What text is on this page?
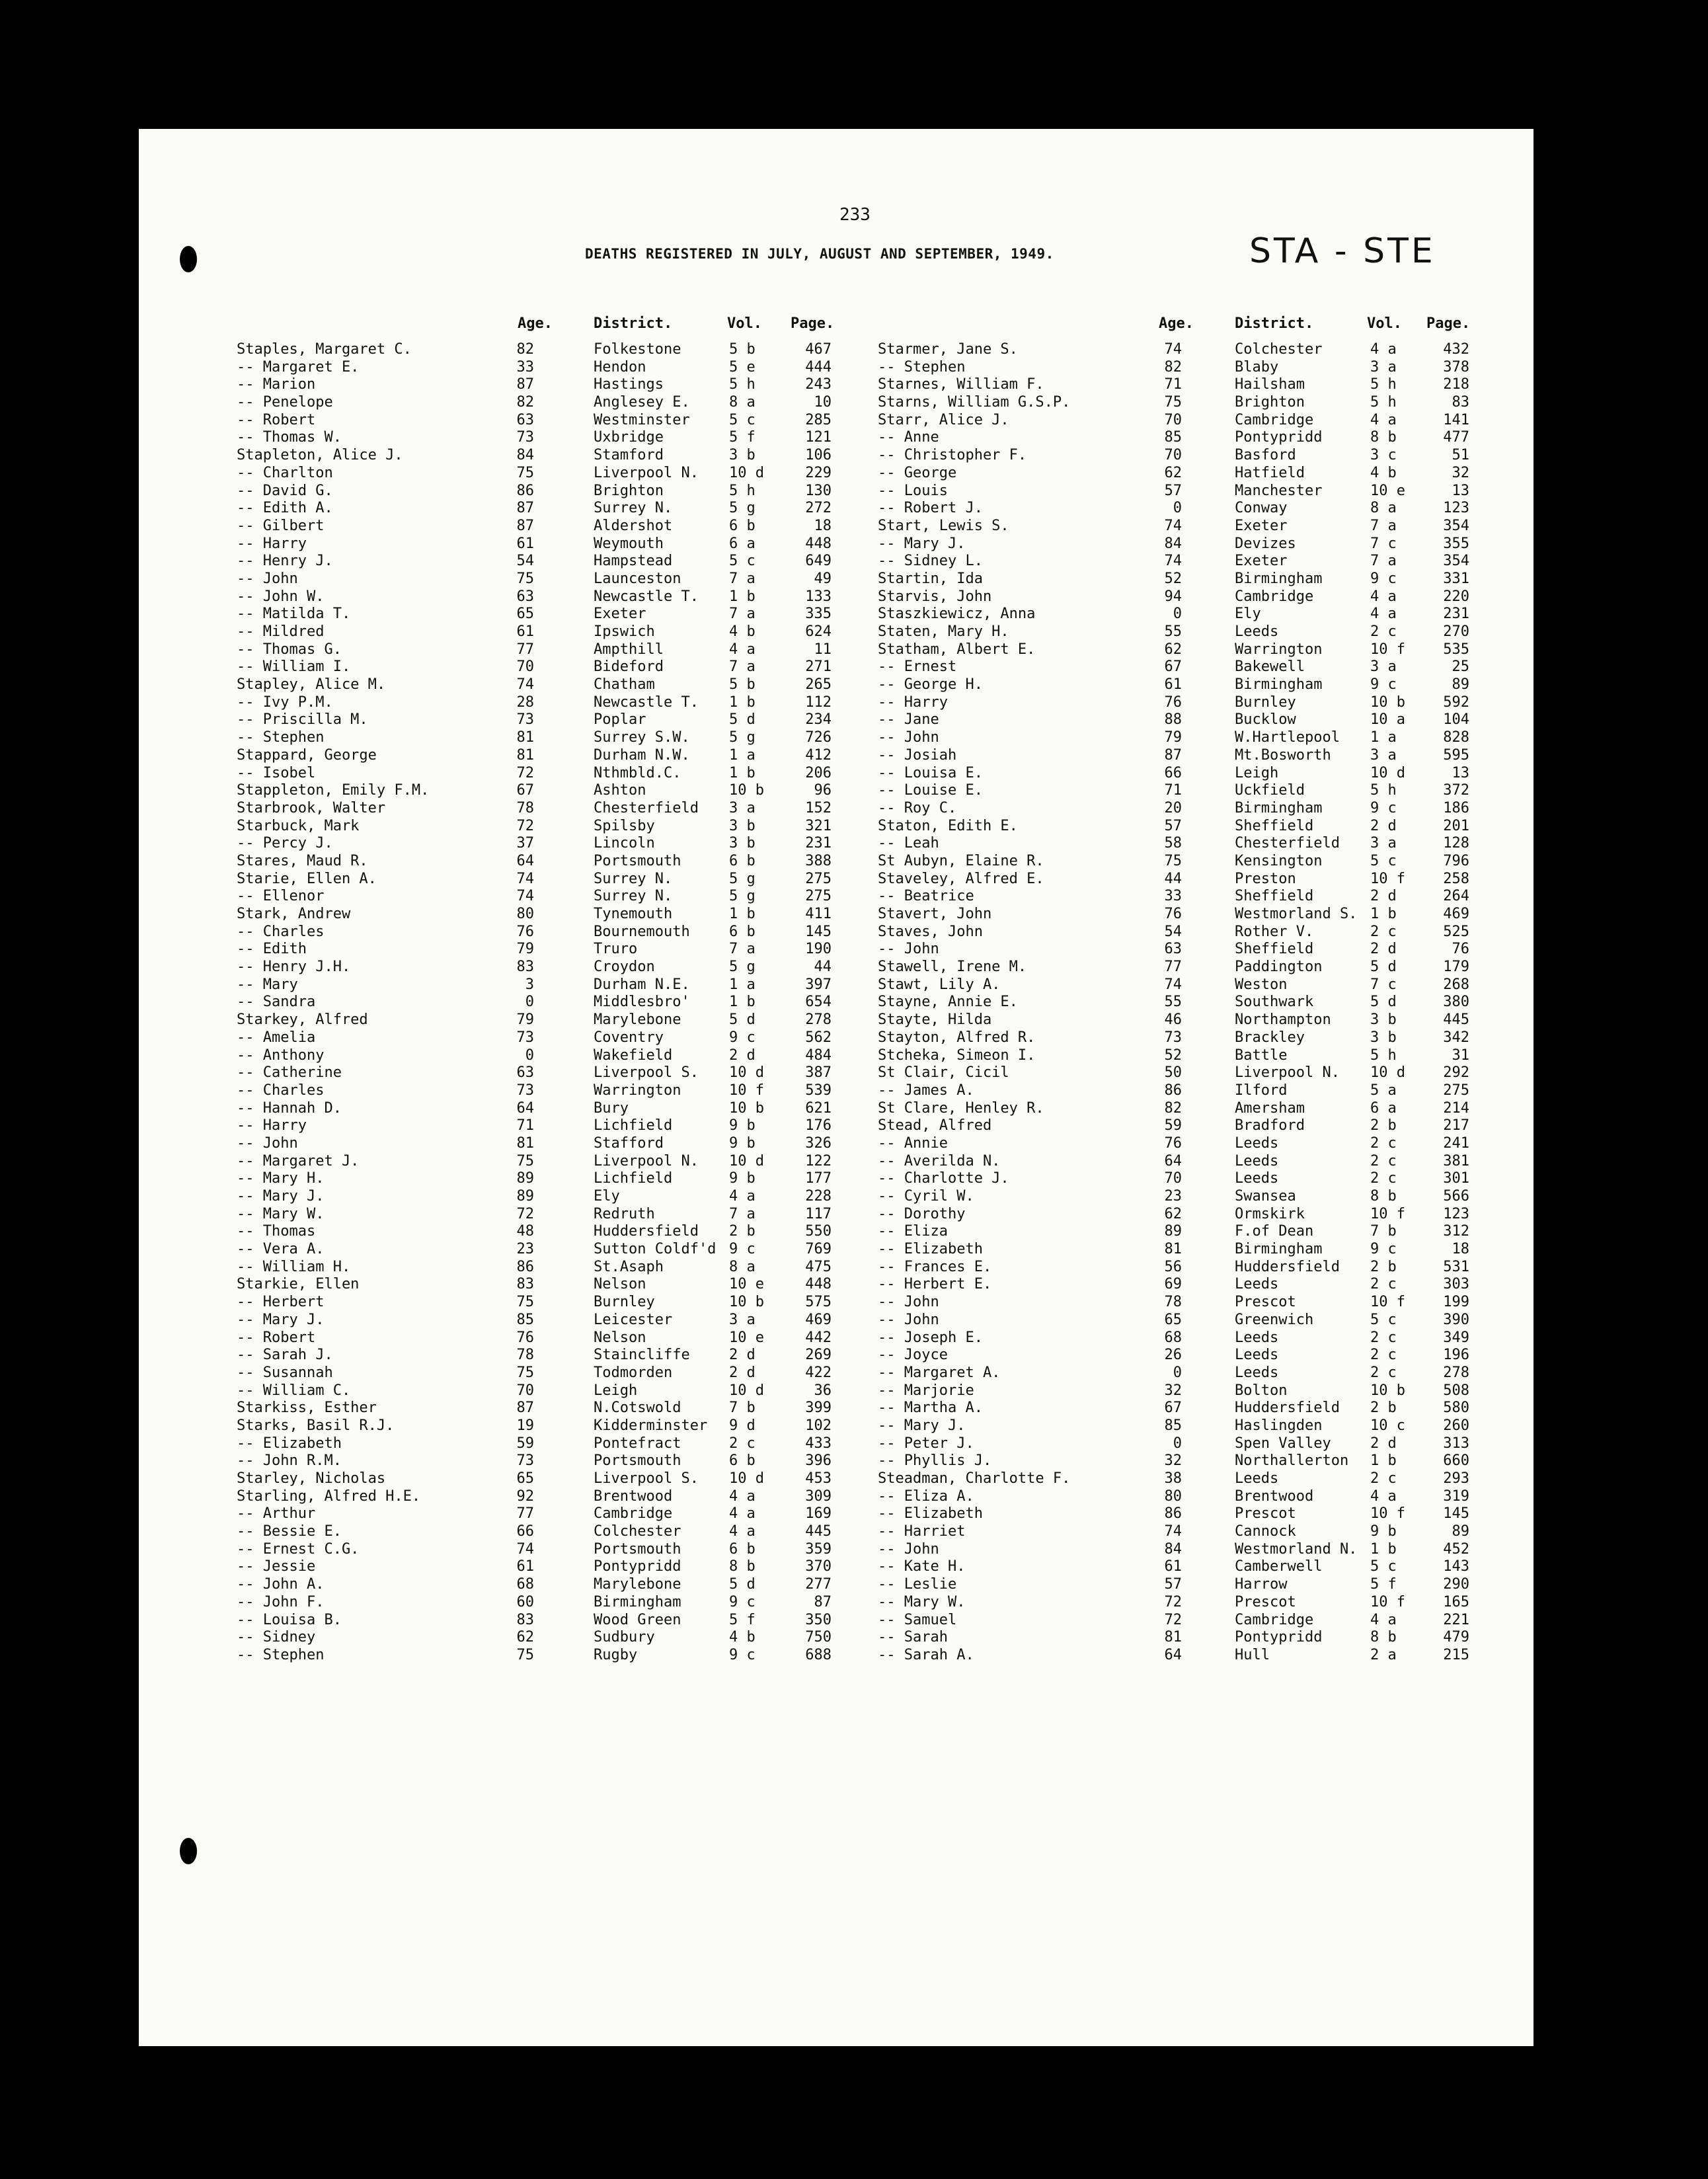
233
DEATHS REGISTERED IN JULY, AUGUST AND SEPTEMBER, 1949.	STA - STE
Age.	District.	Vol. Page.
Staples, Margaret C.	82	Folkestone	5 b	467
-- Margaret E.	33	Hendon	5 e	444
-- Marion	87	Hastings	5 h	243
-- Penelope	82	Anglesey E.	8 a	10
-- Robert	63	Westminster	5 c	285
-- Thomas W.	73	Uxbridge	5 f	121
Stapleton, Alice J.	84	Stamford	3 b	106
-- Charlton	75	Liverpool N. 10 d	229
-- David G.	86	Brighton	5 h	130
-- Edith A.	87	Surrey N.	5 g	272
-- Gilbert	87	Aldershot	6 b	18
-- Harry	61	Weymouth	6 a	448
-- Henry J.	54	Hampstead	5 c	649
-- John	75	Launceston	7 a	49
-- John W.	63	Newcastle T. 1 b	133
-- Matilda T.	65	Exeter	7 a	335
-- Mildred	61	Ipswich	4 b	624
-- Thomas G.	77	Ampthill	4 a	11
-- William I.	70	Bideford	7 a	271
Stapley, Alice M.	74	Chatham	5 b	265
-- Ivy P.M.	28	Newcastle T. 1 b	112
-- Priscilla M.	73	Poplar	5 d	234
-- Stephen	81	Surrey S.W.	5 g	726
Stappard, George	81	Durham N.W.	1 a	412
-- Isobel	72	Nthmbld.C.	1 b	206
Stappleton, Emily F.M.	67	Ashton	10 b	96
Starbrook, Walter	78	Chesterfield 3 a	152
Starbuck, Mark	72	Spilsby	3 b	321
-- Percy J.	37	Lincoln	3 b	231
Stares, Maud R.	64	Portsmouth	6 b	388
Starie, Ellen A.	74	Surrey N.	5 g	275
-- Ellenor	74	Surrey N.	5 g	275
Stark, Andrew	80	Tynemouth	1 b	411
-- Charles	76	Bournemouth	6 b	145
-- Edith	79	Truro	7 a	190
-- Henry J.H.	83	Croydon	5 g	44
-- Mary	3	Durham N.E.	1 a	397
-- Sandra	0	Middlesbro'	1 b	654
Starkey, Alfred	79	Marylebone	5 d	278
-- Amelia	73	Coventry	9 c	562
-- Anthony	0	Wakefield	2 d	484
-- Catherine	63	Liverpool S. 10 d	387
-- Charles	73	Warrington	10 f	539
-- Hannah D.	64	Bury	10 b	621
-- Harry	71	Lichfield	9 b	176
-- John	81	Stafford	9 b	326
-- Margaret J.	75	Liverpool N. 10 d	122
-- Mary H.	89	Lichfield	9 b	177
-- Mary J.	89	Ely	4 a	228
-- Mary W.	72	Redruth	7 a	117
-- Thomas	48	Huddersfield 2 b	550
-- Vera A.	23	Sutton Coldf'd 9 c	769
-- William H.	86	St.Asaph	8 a	475
Starkie, Ellen	83	Nelson	10 e	448
-- Herbert	75	Burnley	10 b	575
-- Mary J.	85	Leicester	3 a	469
-- Robert	76	Nelson	10 e	442
-- Sarah J.	78	Staincliffe	2 d	269
-- Susannah	75	Todmorden	2 d	422
-- William C.	70	Leigh	10 d	36
Starkiss, Esther	87	N.Cotswold	7 b	399
Starks, Basil R.J.	19	Kidderminster 9 d	102
-- Elizabeth	59	Pontefract	2 c	433
-- John R.M.	73	Portsmouth	6 b	396
Starley, Nicholas	65	Liverpool S. 10 d	453
Starling, Alfred H.E.	92	Brentwood	4 a	309
-- Arthur	77	Cambridge	4 a	169
-- Bessie E.	66	Colchester	4 a	445
-- Ernest C.G.	74	Portsmouth	6 b	359
-- Jessie	61	Pontypridd	8 b	370
-- John A.	68	Marylebone	5 d	277
-- John F.	60	Birmingham	9 c	87
-- Louisa B.	83	Wood Green	5 f	350
-- Sidney	62	Sudbury	4 b	750
-- Stephen	75	Rugby	9 c	688
Age.	District.	Vol. Page.
Starmer, Jane S.	74	Colchester	4 a	432
-- Stephen	82	Blaby	3 a	378
Starnes, William F.	71	Hailsham	5 h	218
Starns, William G.S.P.	75	Brighton	5 h	83
Starr, Alice J.	70	Cambridge	4 a	141
-- Anne	85	Pontypridd	8 b	477
-- Christopher F.	70	Basford	3 c	51
-- George	62	Hatfield	4 b	32
-- Louis	57	Manchester	10 e	13
-- Robert J.	0	Conway	8 a	123
Start, Lewis S.	74	Exeter	7 a	354
-- Mary J.	84	Devizes	7 c	355
-- Sidney L.	74	Exeter	7 a	354
Startin, Ida	52	Birmingham	9 c	331
Starvis, John	94	Cambridge	4 a	220
Staszkiewicz, Anna	0	Ely	4 a	231
Staten, Mary H.	55	Leeds	2 c	270
Statham, Albert E.	62	Warrington	10 f	535
-- Ernest	67	Bakewell	3 a	25
-- George H.	61	Birmingham	9 c	89
-- Harry	76	Burnley	10 b	592
-- Jane	88	Bucklow	10 a	104
-- John	79	W.Hartlepool 1 a	828
-- Josiah	87	Mt.Bosworth	3 a	595
-- Louisa E.	66	Leigh	10 d	13
-- Louise E.	71	Uckfield	5 h	372
-- Roy C.	20	Birmingham	9 c	186
Staton, Edith E.	57	Sheffield	2 d	201
-- Leah	58	Chesterfield 3 a	128
St Aubyn, Elaine R.	75	Kensington	5 c	796
Staveley, Alfred E.	44	Preston	10 f	258
-- Beatrice	33	Sheffield	2 d	264
Stavert, John	76	Westmorland S. 1 b	469
Staves, John	54	Rother V.	2 c	525
-- John	63	Sheffield	2 d	76
Stawell, Irene M.	77	Paddington	5 d	179
Stawt, Lily A.	74	Weston	7 c	268
Stayne, Annie E.	55	Southwark	5 d	380
Stayte, Hilda	46	Northampton	3 b	445
Stayton, Alfred R.	73	Brackley	3 b	342
Stcheka, Simeon I.	52	Battle	5 h	31
St Clair, Cicil	50	Liverpool N. 10 d	292
-- James A.	86	Ilford	5 a	275
St Clare, Henley R.	82	Amersham	6 a	214
Stead, Alfred	59	Bradford	2 b	217
-- Annie	76	Leeds	2 c	241
-- Averilda N.	64	Leeds	2 c	381
-- Charlotte J.	70	Leeds	2 c	301
-- Cyril W.	23	Swansea	8 b	566
-- Dorothy	62	Ormskirk	10 f	123
-- Eliza	89	F.of Dean	7 b	312
-- Elizabeth	81	Birmingham	9 c	18
-- Frances E.	56	Huddersfield 2 b	531
-- Herbert E.	69	Leeds	2 c	303
-- John	78	Prescot	10 f	199
-- John	65	Greenwich	5 c	390
-- Joseph E.	68	Leeds	2 c	349
-- Joyce	26	Leeds	2 c	196
-- Margaret A.	0	Leeds	2 c	278
-- Marjorie	32	Bolton	10 b	508
-- Martha A.	67	Huddersfield 2 b	580
-- Mary J.	85	Haslingden	10 c	260
-- Peter J.	0	Spen Valley	2 d	313
-- Phyllis J.	32	Northallerton 1 b	660
Steadman, Charlotte F.	38	Leeds	2 c	293
-- Eliza A.	80	Brentwood	4 a	319
-- Elizabeth	86	Prescot	10 f	145
-- Harriet	74	Cannock	9 b	89
-- John	84	Westmorland N. 1 b	452
-- Kate H.	61	Camberwell	5 c	143
-- Leslie	57	Harrow	5 f	290
-- Mary W.	72	Prescot	10 f	165
-- Samuel	72	Cambridge	4 a	221
-- Sarah	81	Pontypridd	8 b	479
-- Sarah A.	64	Hull	2 a	215
